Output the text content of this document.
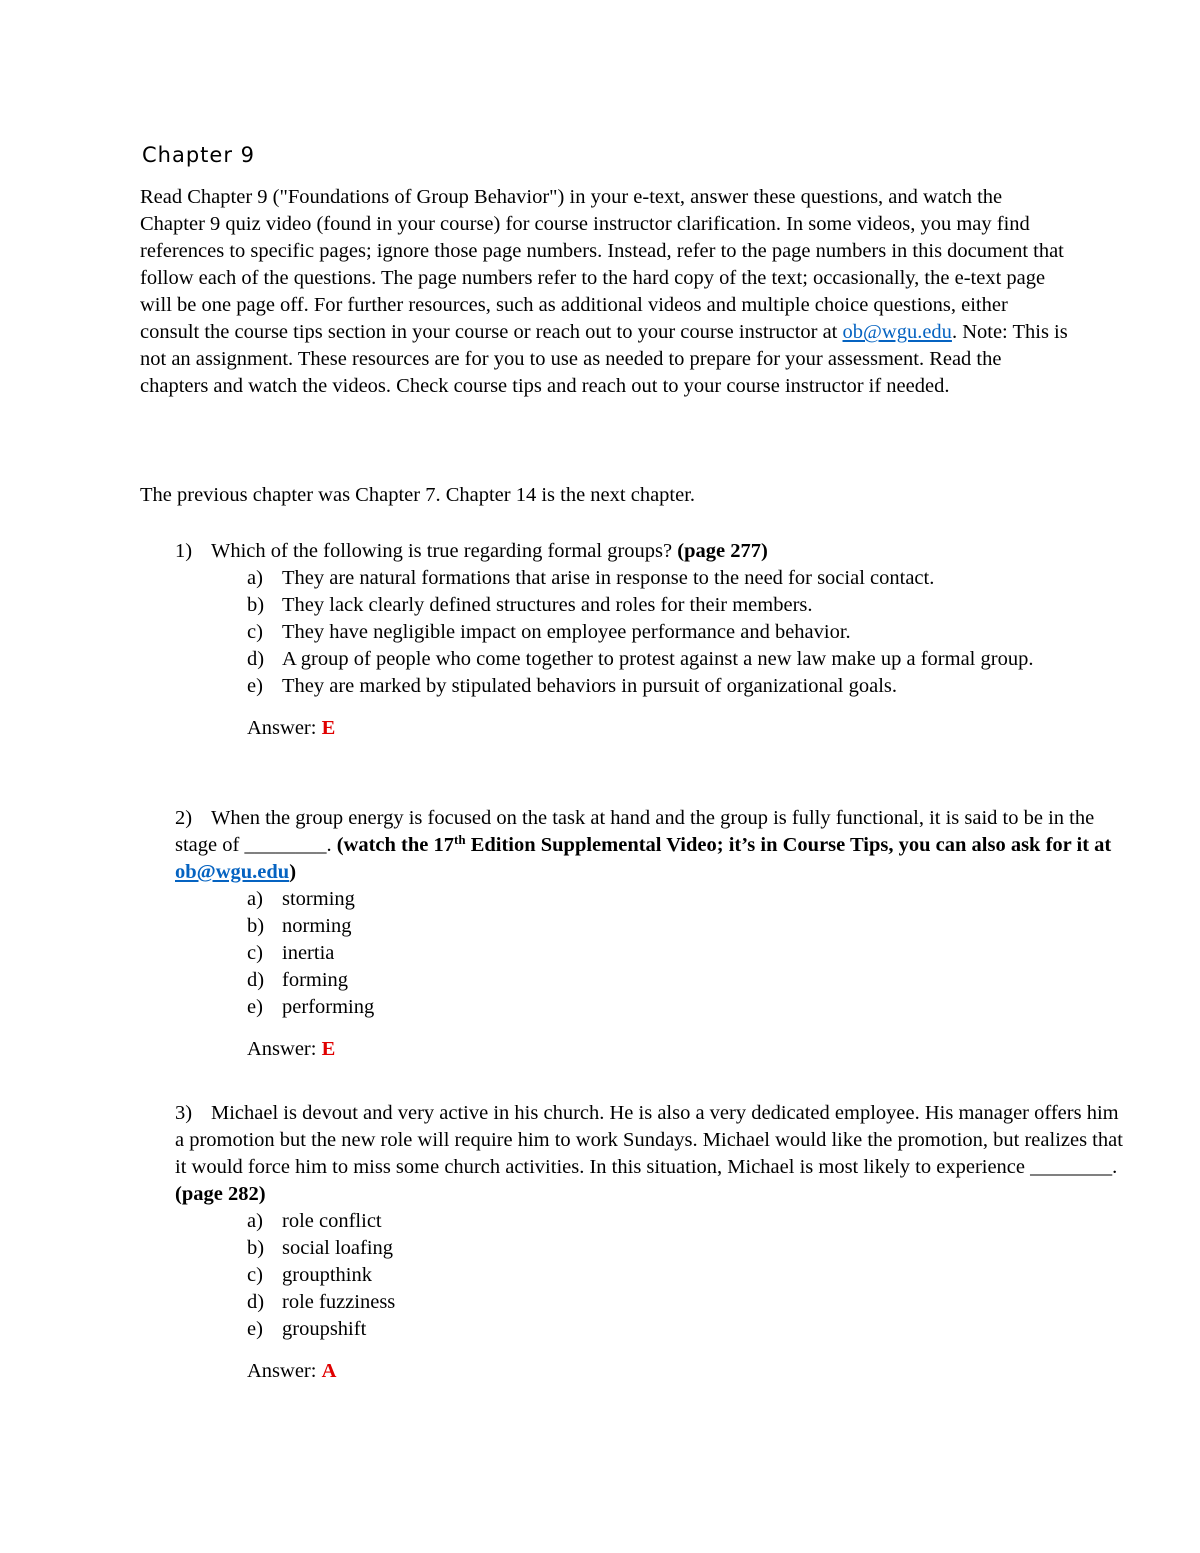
Chapter 9

Read Chapter 9 ("Foundations of Group Behavior") in your e-text, answer these questions, and watch the Chapter 9 quiz video (found in your course) for course instructor clarification. In some videos, you may find references to specific pages; ignore those page numbers. Instead, refer to the page numbers in this document that follow each of the questions. The page numbers refer to the hard copy of the text; occasionally, the e-text page will be one page off. For further resources, such as additional videos and multiple choice questions, either consult the course tips section in your course or reach out to your course instructor at ob@wgu.edu. Note: This is not an assignment. These resources are for you to use as needed to prepare for your assessment. Read the chapters and watch the videos. Check course tips and reach out to your course instructor if needed.

The previous chapter was Chapter 7. Chapter 14 is the next chapter.

1) Which of the following is true regarding formal groups? (page 277)

a) They are natural formations that arise in response to the need for social contact.
b) They lack clearly defined structures and roles for their members.
c) They have negligible impact on employee performance and behavior.
d) A group of people who come together to protest against a new law make up a formal group.
e) They are marked by stipulated behaviors in pursuit of organizational goals.

Answer: E

2) When the group energy is focused on the task at hand and the group is fully functional, it is said to be in the stage of ________. (watch the 17th Edition Supplemental Video; it’s in Course Tips, you can also ask for it at ob@wgu.edu)

a) storming
b) norming
c) inertia
d) forming
e) performing

Answer: E

3) Michael is devout and very active in his church. He is also a very dedicated employee. His manager offers him a promotion but the new role will require him to work Sundays. Michael would like the promotion, but realizes that it would force him to miss some church activities. In this situation, Michael is most likely to experience ________. (page 282)

a) role conflict
b) social loafing
c) groupthink
d) role fuzziness
e) groupshift

Answer: A
